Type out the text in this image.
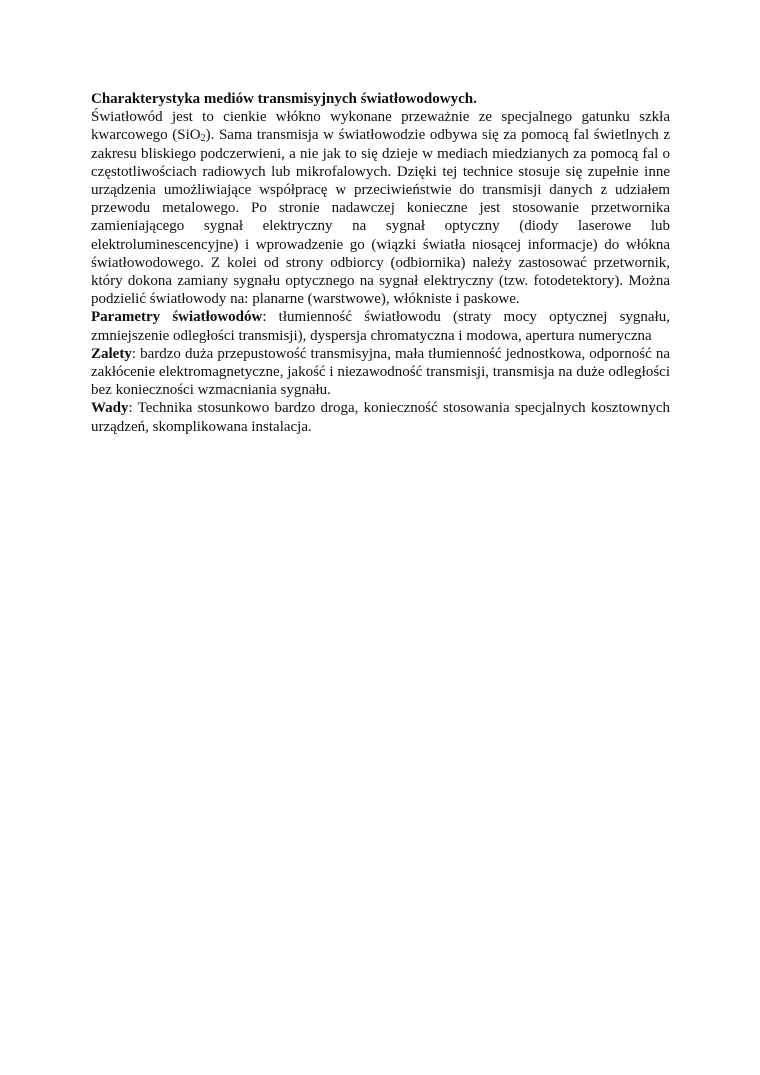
Charakterystyka mediów transmisyjnych światłowodowych.

Światłowód jest to cienkie włókno wykonane przeważnie ze specjalnego gatunku szkła kwarcowego (SiO$_2$). Sama transmisja w światłowodzie odbywa się za pomocą fal świetlnych z zakresu bliskiego podczerwieni, a nie jak to się dzieje w mediach miedzianych za pomocą fal o częstotliwościach radiowych lub mikrofalowych. Dzięki tej technice stosuje się zupełnie inne urządzenia umożliwiające współpracę w przeciwieństwie do transmisji danych z udziałem przewodu metalowego. Po stronie nadawczej konieczne jest stosowanie przetwornika zamieniającego sygnał elektryczny na sygnał optyczny (diody laserowe lub elektroluminescencyjne) i wprowadzenie go (wiązki światła niosącej informacje) do włókna światłowodowego. Z kolei od strony odbiorcy (odbiornika) należy zastosować przetwornik, który dokona zamiany sygnału optycznego na sygnał elektryczny (tzw. fotodetektory). Można podzielić światłowody na: planarne (warstwowe), włókniste i paskowe.

Parametry światłowodów: tłumienność światłowodu (straty mocy optycznej sygnału, zmniejszenie odległości transmisji), dyspersja chromatyczna i modowa, apertura numeryczna

Zalety: bardzo duża przepustowość transmisyjna, mała tłumienność jednostkowa, odporność na zakłócenie elektromagnetyczne, jakość i niezawodność transmisji, transmisja na duże odległości bez konieczności wzmacniania sygnału.

Wady: Technika stosunkowo bardzo droga, konieczność stosowania specjalnych kosztownych urządzeń, skomplikowana instalacja.
